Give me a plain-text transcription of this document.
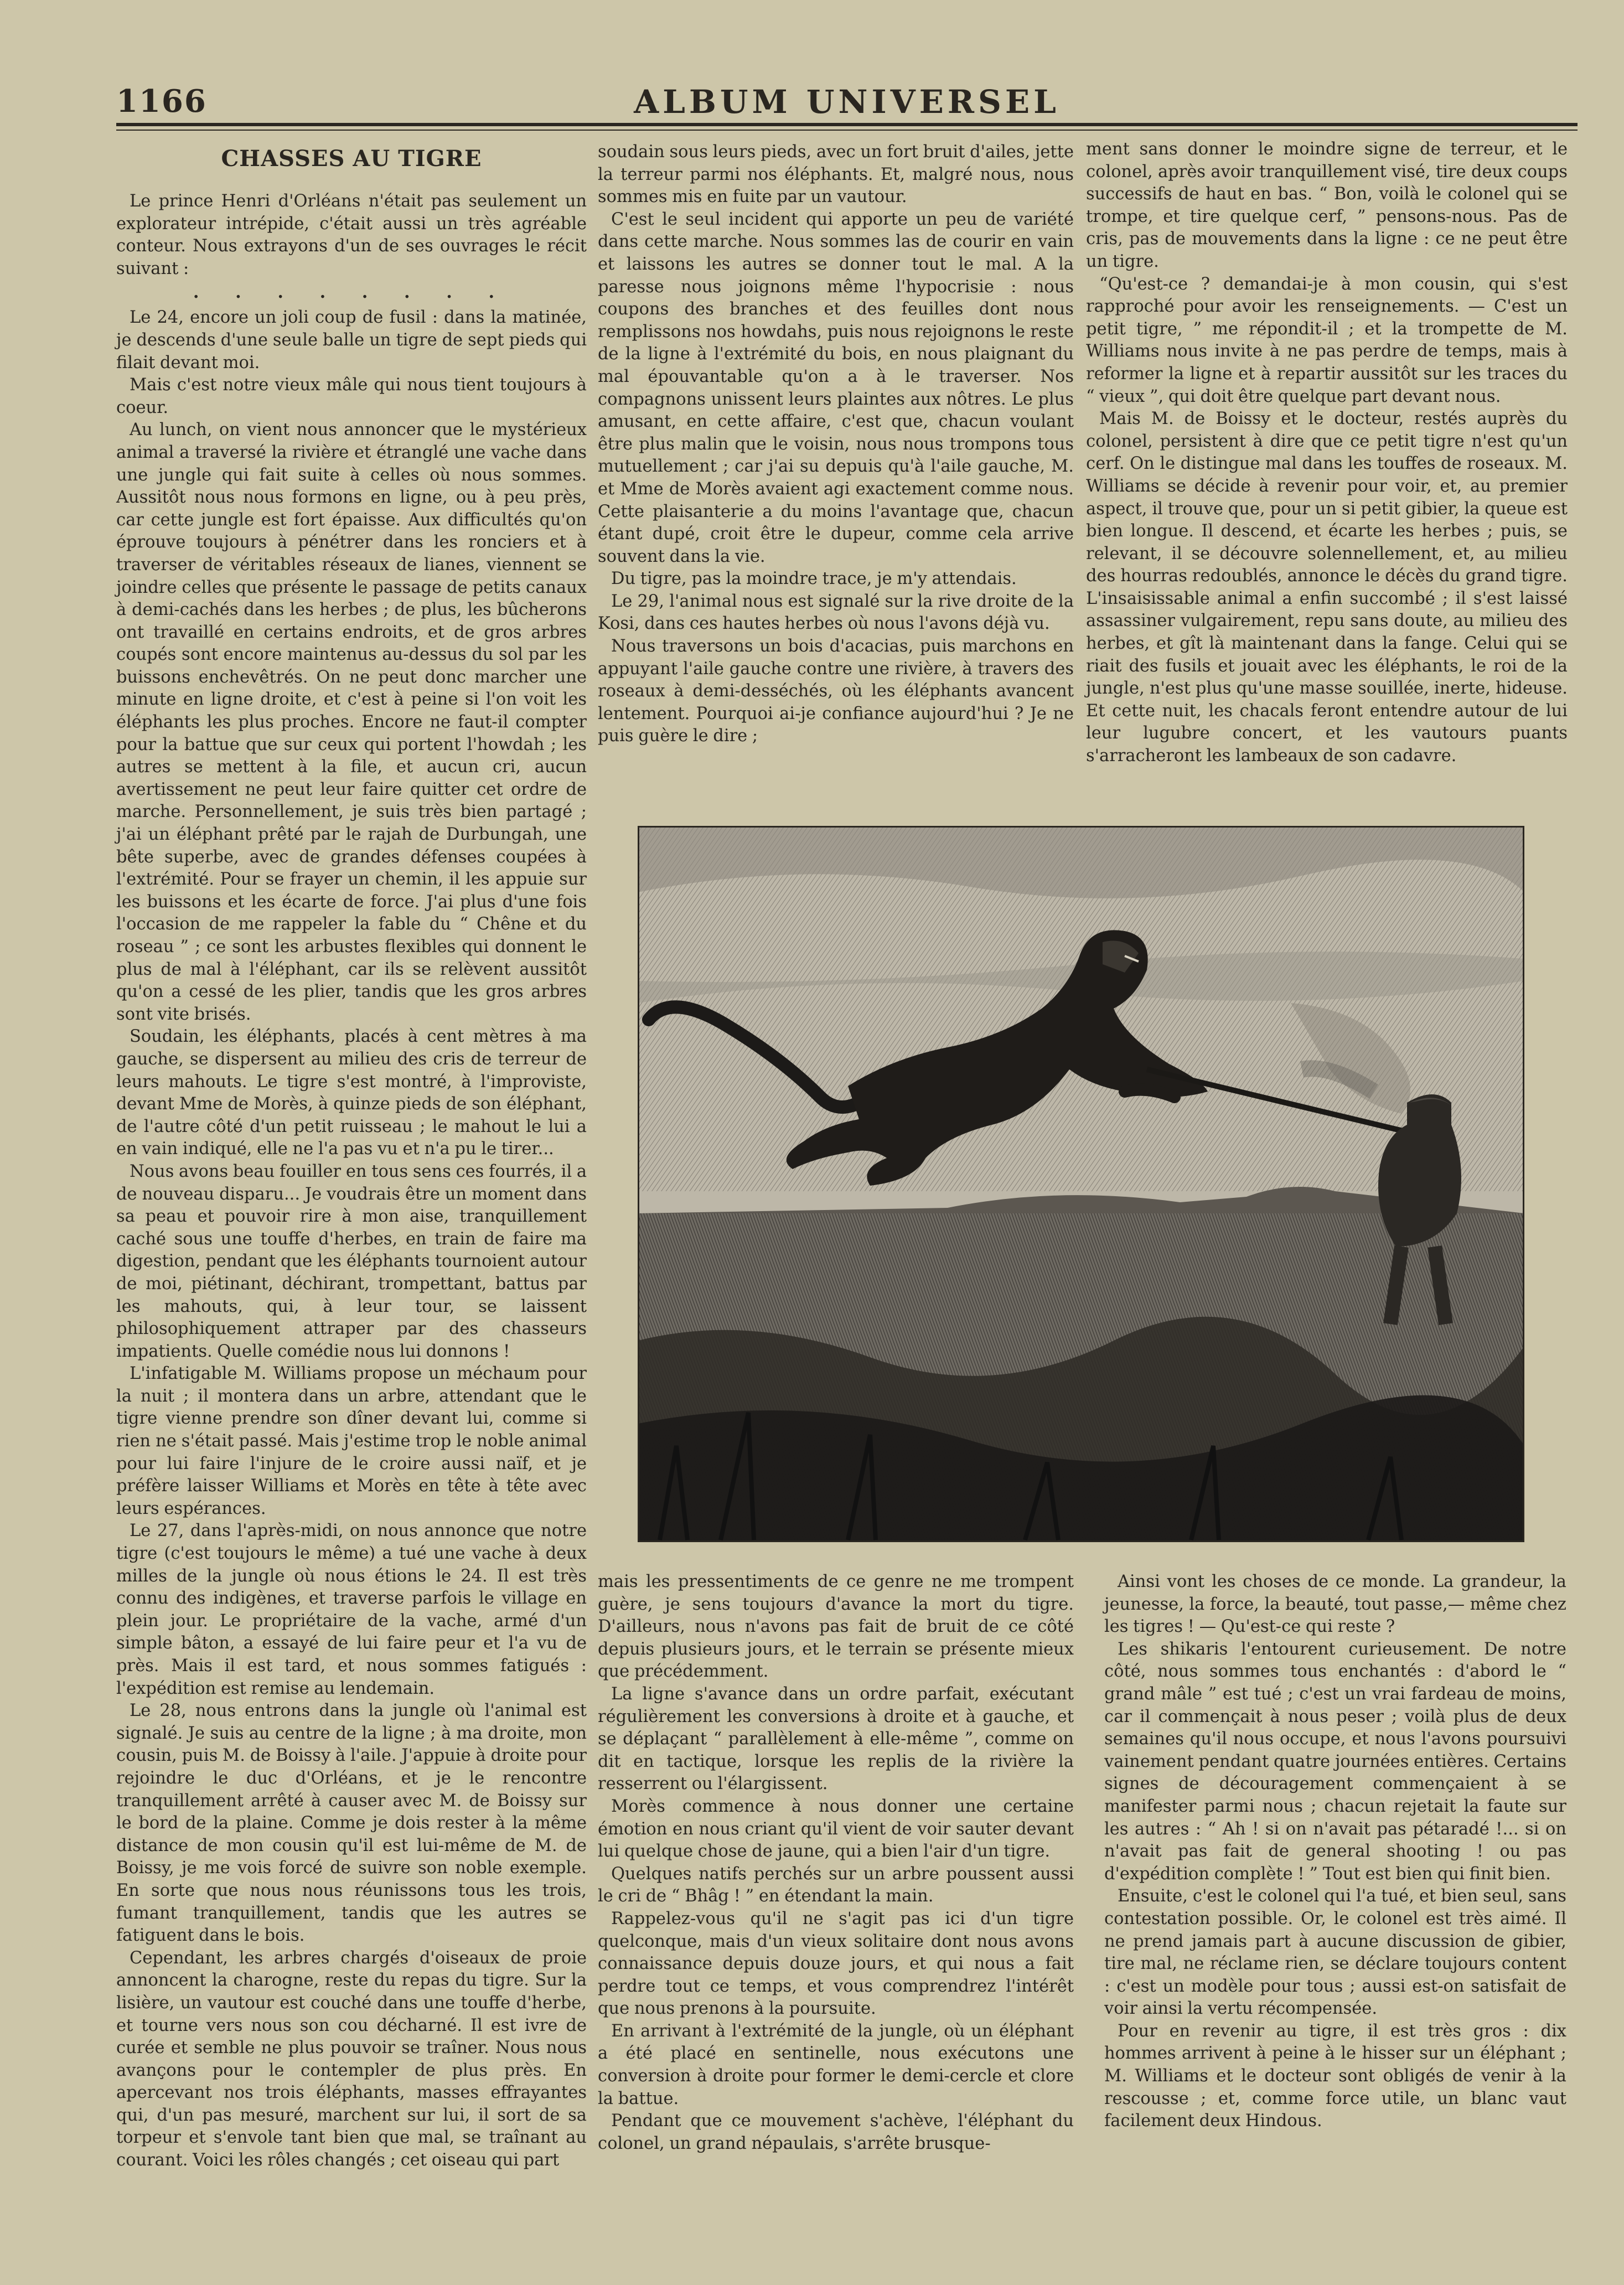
1166	ALBUM UNIVERSEL
CHASSES AU TIGRE

Le prince Henri d'Orléans n'était pas seulement un explorateur intrépide, c'était aussi un très agréable conteur. Nous extrayons d'un de ses ouvrages le récit suivant :

. . . . . . . .

Le 24, encore un joli coup de fusil : dans la matinée, je descends d'une seule balle un tigre de sept pieds qui filait devant moi.

Mais c'est notre vieux mâle qui nous tient toujours à coeur.

Au lunch, on vient nous annoncer que le mystérieux animal a traversé la rivière et étranglé une vache dans une jungle qui fait suite à celles où nous sommes. Aussitôt nous nous formons en ligne, ou à peu près, car cette jungle est fort épaisse. Aux difficultés qu'on éprouve toujours à pénétrer dans les ronciers et à traverser de véritables réseaux de lianes, viennent se joindre celles que présente le passage de petits canaux à demi-cachés dans les herbes ; de plus, les bûcherons ont travaillé en certains endroits, et de gros arbres coupés sont encore maintenus au-dessus du sol par les buissons enchevêtrés. On ne peut donc marcher une minute en ligne droite, et c'est à peine si l'on voit les éléphants les plus proches. Encore ne faut-il compter pour la battue que sur ceux qui portent l'howdah ; les autres se mettent à la file, et aucun cri, aucun avertissement ne peut leur faire quitter cet ordre de marche. Personnellement, je suis très bien partagé ; j'ai un éléphant prêté par le rajah de Durbungah, une bête superbe, avec de grandes défenses coupées à l'extrémité. Pour se frayer un chemin, il les appuie sur les buissons et les écarte de force. J'ai plus d'une fois l'occasion de me rappeler la fable du “ Chêne et du roseau ” ; ce sont les arbustes flexibles qui donnent le plus de mal à l'éléphant, car ils se relèvent aussitôt qu'on a cessé de les plier, tandis que les gros arbres sont vite brisés.

Soudain, les éléphants, placés à cent mètres à ma gauche, se dispersent au milieu des cris de terreur de leurs mahouts. Le tigre s'est montré, à l'improviste, devant Mme de Morès, à quinze pieds de son éléphant, de l'autre côté d'un petit ruisseau ; le mahout le lui a en vain indiqué, elle ne l'a pas vu et n'a pu le tirer...

Nous avons beau fouiller en tous sens ces fourrés, il a de nouveau disparu... Je voudrais être un moment dans sa peau et pouvoir rire à mon aise, tranquillement caché sous une touffe d'herbes, en train de faire ma digestion, pendant que les éléphants tournoient autour de moi, piétinant, déchirant, trompettant, battus par les mahouts, qui, à leur tour, se laissent philosophiquement attraper par des chasseurs impatients. Quelle comédie nous lui donnons !

L'infatigable M. Williams propose un méchaum pour la nuit ; il montera dans un arbre, attendant que le tigre vienne prendre son dîner devant lui, comme si rien ne s'était passé. Mais j'estime trop le noble animal pour lui faire l'injure de le croire aussi naïf, et je préfère laisser Williams et Morès en tête à tête avec leurs espérances.

Le 27, dans l'après-midi, on nous annonce que notre tigre (c'est toujours le même) a tué une vache à deux milles de la jungle où nous étions le 24. Il est très connu des indigènes, et traverse parfois le village en plein jour. Le propriétaire de la vache, armé d'un simple bâton, a essayé de lui faire peur et l'a vu de près. Mais il est tard, et nous sommes fatigués : l'expédition est remise au lendemain.

Le 28, nous entrons dans la jungle où l'animal est signalé. Je suis au centre de la ligne ; à ma droite, mon cousin, puis M. de Boissy à l'aile. J'appuie à droite pour rejoindre le duc d'Orléans, et je le rencontre tranquillement arrêté à causer avec M. de Boissy sur le bord de la plaine. Comme je dois rester à la même distance de mon cousin qu'il est lui-même de M. de Boissy, je me vois forcé de suivre son noble exemple. En sorte que nous nous réunissons tous les trois, fumant tranquillement, tandis que les autres se fatiguent dans le bois.

Cependant, les arbres chargés d'oiseaux de proie annoncent la charogne, reste du repas du tigre. Sur la lisière, un vautour est couché dans une touffe d'herbe, et tourne vers nous son cou décharné. Il est ivre de curée et semble ne plus pouvoir se traîner. Nous nous avançons pour le contempler de plus près. En apercevant nos trois éléphants, masses effrayantes qui, d'un pas mesuré, marchent sur lui, il sort de sa torpeur et s'envole tant bien que mal, se traînant au courant. Voici les rôles changés ; cet oiseau qui part

soudain sous leurs pieds, avec un fort bruit d'ailes, jette la terreur parmi nos éléphants. Et, malgré nous, nous sommes mis en fuite par un vautour.

C'est le seul incident qui apporte un peu de variété dans cette marche. Nous sommes las de courir en vain et laissons les autres se donner tout le mal. A la paresse nous joignons même l'hypocrisie : nous coupons des branches et des feuilles dont nous remplissons nos howdahs, puis nous rejoignons le reste de la ligne à l'extrémité du bois, en nous plaignant du mal épouvantable qu'on a à le traverser. Nos compagnons unissent leurs plaintes aux nôtres. Le plus amusant, en cette affaire, c'est que, chacun voulant être plus malin que le voisin, nous nous trompons tous mutuellement ; car j'ai su depuis qu'à l'aile gauche, M. et Mme de Morès avaient agi exactement comme nous. Cette plaisanterie a du moins l'avantage que, chacun étant dupé, croit être le dupeur, comme cela arrive souvent dans la vie.

Du tigre, pas la moindre trace, je m'y attendais.

Le 29, l'animal nous est signalé sur la rive droite de la Kosi, dans ces hautes herbes où nous l'avons déjà vu.

Nous traversons un bois d'acacias, puis marchons en appuyant l'aile gauche contre une rivière, à travers des roseaux à demi-desséchés, où les éléphants avancent lentement. Pourquoi ai-je confiance aujourd'hui ? Je ne puis guère le dire ;

ment sans donner le moindre signe de terreur, et le colonel, après avoir tranquillement visé, tire deux coups successifs de haut en bas. “ Bon, voilà le colonel qui se trompe, et tire quelque cerf, ” pensons-nous. Pas de cris, pas de mouvements dans la ligne : ce ne peut être un tigre.

“Qu'est-ce ? demandai-je à mon cousin, qui s'est rapproché pour avoir les renseignements. — C'est un petit tigre, ” me répondit-il ; et la trompette de M. Williams nous invite à ne pas perdre de temps, mais à reformer la ligne et à repartir aussitôt sur les traces du “ vieux ”, qui doit être quelque part devant nous.

Mais M. de Boissy et le docteur, restés auprès du colonel, persistent à dire que ce petit tigre n'est qu'un cerf. On le distingue mal dans les touffes de roseaux. M. Williams se décide à revenir pour voir, et, au premier aspect, il trouve que, pour un si petit gibier, la queue est bien longue. Il descend, et écarte les herbes ; puis, se relevant, il se découvre solennellement, et, au milieu des hourras redoublés, annonce le décès du grand tigre. L'insaisissable animal a enfin succombé ; il s'est laissé assassiner vulgairement, repu sans doute, au milieu des herbes, et gît là maintenant dans la fange. Celui qui se riait des fusils et jouait avec les éléphants, le roi de la jungle, n'est plus qu'une masse souillée, inerte, hideuse. Et cette nuit, les chacals feront entendre autour de lui leur lugubre concert, et les vautours puants s'arracheront les lambeaux de son cadavre.

mais les pressentiments de ce genre ne me trompent guère, je sens toujours d'avance la mort du tigre. D'ailleurs, nous n'avons pas fait de bruit de ce côté depuis plusieurs jours, et le terrain se présente mieux que précédemment.

La ligne s'avance dans un ordre parfait, exécutant régulièrement les conversions à droite et à gauche, et se déplaçant “ parallèlement à elle-même ”, comme on dit en tactique, lorsque les replis de la rivière la resserrent ou l'élargissent.

Morès commence à nous donner une certaine émotion en nous criant qu'il vient de voir sauter devant lui quelque chose de jaune, qui a bien l'air d'un tigre.

Quelques natifs perchés sur un arbre poussent aussi le cri de “ Bhâg ! ” en étendant la main.

Rappelez-vous qu'il ne s'agit pas ici d'un tigre quelconque, mais d'un vieux solitaire dont nous avons connaissance depuis douze jours, et qui nous a fait perdre tout ce temps, et vous comprendrez l'intérêt que nous prenons à la poursuite.

En arrivant à l'extrémité de la jungle, où un éléphant a été placé en sentinelle, nous exécutons une conversion à droite pour former le demi-cercle et clore la battue.

Pendant que ce mouvement s'achève, l'éléphant du colonel, un grand népaulais, s'arrête brusque-

Ainsi vont les choses de ce monde. La grandeur, la jeunesse, la force, la beauté, tout passe,— même chez les tigres ! — Qu'est-ce qui reste ?

Les shikaris l'entourent curieusement. De notre côté, nous sommes tous enchantés : d'abord le “ grand mâle ” est tué ; c'est un vrai fardeau de moins, car il commençait à nous peser ; voilà plus de deux semaines qu'il nous occupe, et nous l'avons poursuivi vainement pendant quatre journées entières. Certains signes de découragement commençaient à se manifester parmi nous ; chacun rejetait la faute sur les autres : “ Ah ! si on n'avait pas pétaradé !... si on n'avait pas fait de general shooting ! ou pas d'expédition complète ! ” Tout est bien qui finit bien.

Ensuite, c'est le colonel qui l'a tué, et bien seul, sans contestation possible. Or, le colonel est très aimé. Il ne prend jamais part à aucune discussion de gibier, tire mal, ne réclame rien, se déclare toujours content : c'est un modèle pour tous ; aussi est-on satisfait de voir ainsi la vertu récompensée.

Pour en revenir au tigre, il est très gros : dix hommes arrivent à peine à le hisser sur un éléphant ; M. Williams et le docteur sont obligés de venir à la rescousse ; et, comme force utile, un blanc vaut facilement deux Hindous.
